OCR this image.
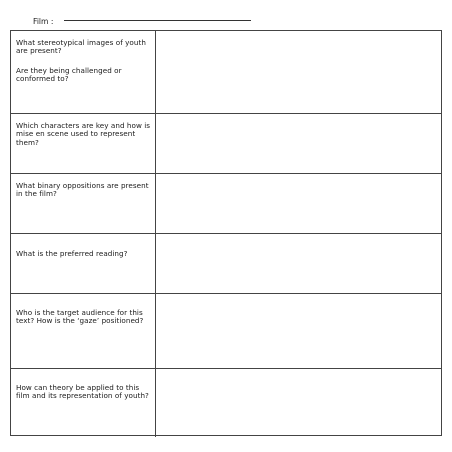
Film :

What stereotypical images of youth are present?

Are they being challenged or conformed to?

Which characters are key and how is mise en scene used to represent them?

What binary oppositions are present in the film?

What is the preferred reading?

Who is the target audience for this text? How is the ‘gaze’ positioned?

How can theory be applied to this film and its representation of youth?
